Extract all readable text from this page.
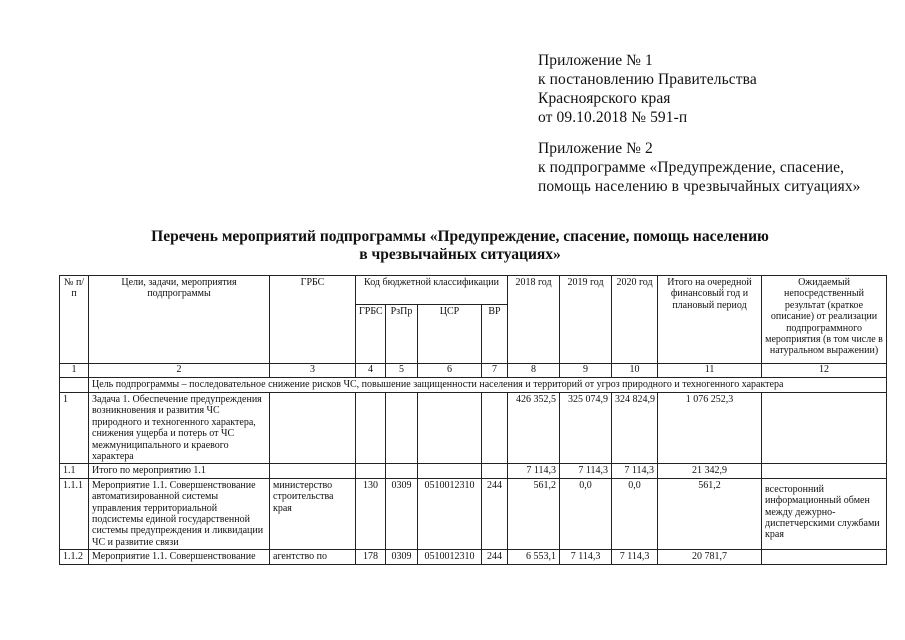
Приложение № 1
к постановлению Правительства
Красноярского края
от 09.10.2018 № 591-п
Приложение № 2
к подпрограмме «Предупреждение, спасение,
помощь населению в чрезвычайных ситуациях»
Перечень мероприятий подпрограммы «Предупреждение, спасение, помощь населению
в чрезвычайных ситуациях»
№ п/п	Цели, задачи, мероприятия подпрограммы	ГРБС	Код бюджетной классификации				2018 год	2019 год	2020 год	Итого на очередной финансовый год и плановый период	Ожидаемый непосредственный результат (краткое описание) от реализации подпрограммного мероприятия (в том числе в натуральном выражении)
			ГРБС	РзПр	ЦСР	ВР					
1	2	3	4	5	6	7	8	9	10	11	12
	Цель подпрограммы – последовательное снижение рисков ЧС, повышение защищенности населения и территорий от угроз природного и техногенного характера										
1	Задача 1. Обеспечение предупреждения возникновения и развития ЧС природного и техногенного характера, снижения ущерба и потерь от ЧС межмуниципального и краевого характера						426 352,5	325 074,9	324 824,9	1 076 252,3	
1.1	Итого по мероприятию 1.1						7 114,3	7 114,3	7 114,3	21 342,9	
1.1.1	Мероприятие 1.1. Совершенствование автоматизированной системы управления территориальной подсистемы единой государственной системы предупреждения и ликвидации ЧС и развитие связи	министерство строительства края	130	0309	0510012310	244	561,2	0,0	0,0	561,2	всесторонний информационный обмен между дежурно-диспетчерскими службами края
1.1.2	Мероприятие 1.1. Совершенствование	агентство по	178	0309	0510012310	244	6 553,1	7 114,3	7 114,3	20 781,7	
